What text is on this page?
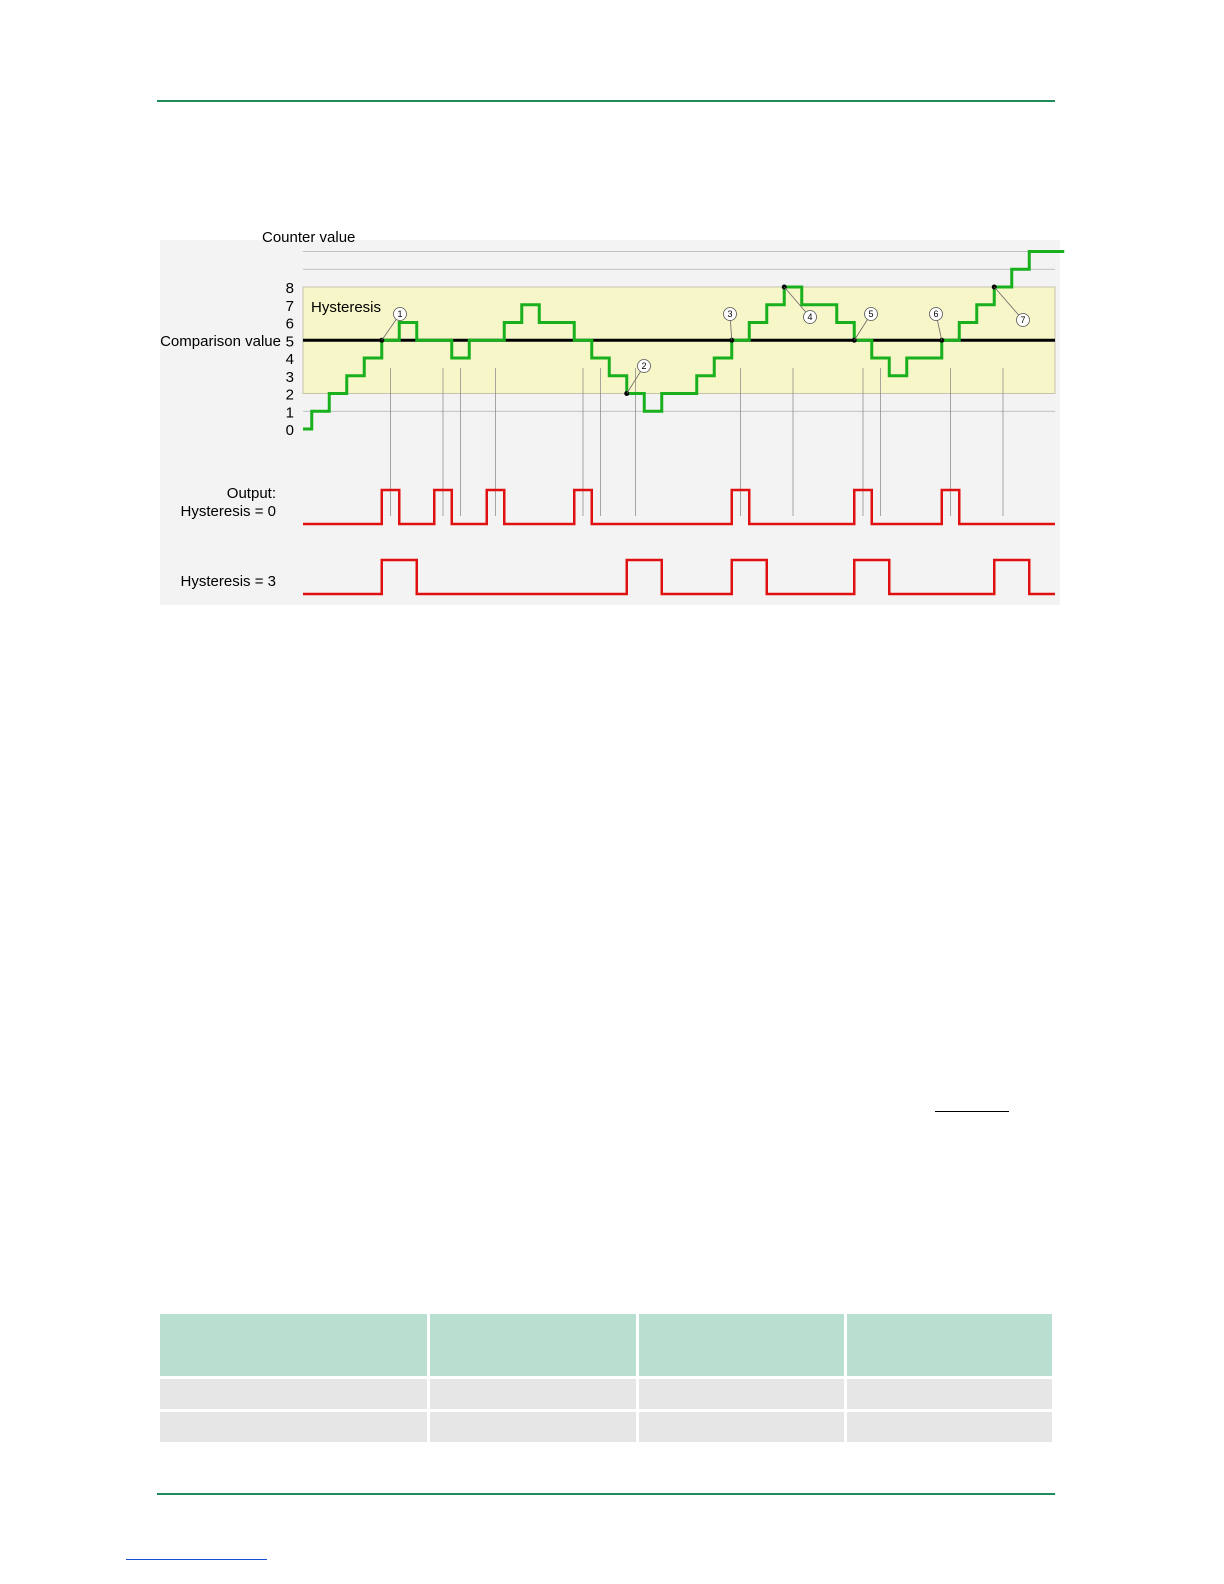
1
2
3	4	5	6
7
0
1
2
3
4
5
6
7
8
Output:
Hysteresis = 0
Hysteresis = 3
Counter value
Comparison value
Hysteresis
